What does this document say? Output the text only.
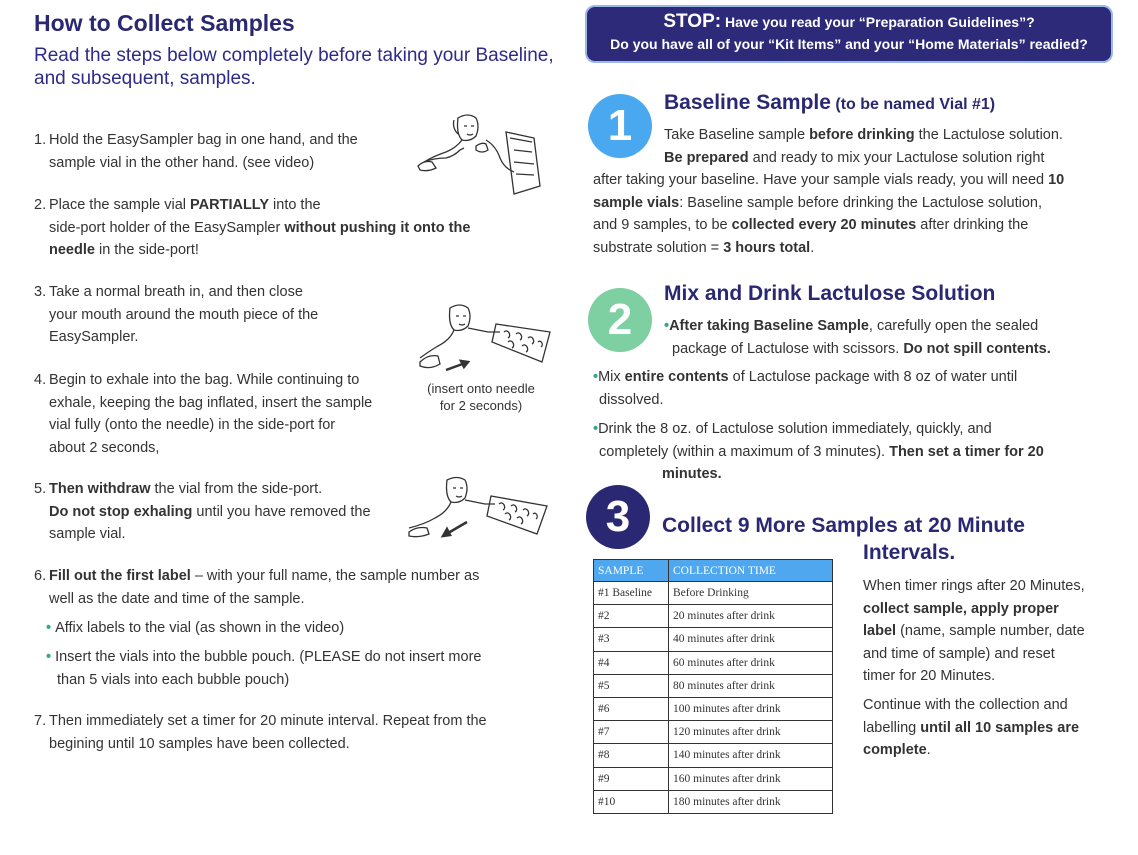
How to Collect Samples
Read the steps below completely before taking your Baseline, and subsequent, samples.
1. Hold the EasySampler bag in one hand, and the
sample vial in the other hand. (see video)
2. Place the sample vial PARTIALLY into the
side-port holder of the EasySampler without pushing it onto the
needle in the side-port!
3. Take a normal breath in, and then close
your mouth around the mouth piece of the
EasySampler.
4. Begin to exhale into the bag. While continuing to
exhale, keeping the bag inflated, insert the sample
vial fully (onto the needle) in the side-port for
about 2 seconds,
5. Then withdraw the vial from the side-port.
Do not stop exhaling until you have removed the
sample vial.
6. Fill out the first label – with your full name, the sample number as
well as the date and time of the sample.
• Affix labels to the vial (as shown in the video)
• Insert the vials into the bubble pouch. (PLEASE do not insert more
than 5 vials into each bubble pouch)
7. Then immediately set a timer for 20 minute interval. Repeat from the
begining until 10 samples have been collected.
(insert onto needle
for 2 seconds)
STOP: Have you read your “Preparation Guidelines”?
Do you have all of your “Kit Items” and your “Home Materials” readied?
1	Baseline Sample (to be named Vial #1)
Take Baseline sample before drinking the Lactulose solution.
Be prepared and ready to mix your Lactulose solution right
after taking your baseline. Have your sample vials ready, you will need 10
sample vials: Baseline sample before drinking the Lactulose solution,
and 9 samples, to be collected every 20 minutes after drinking the
substrate solution = 3 hours total.
2
Mix and Drink Lactulose Solution
•After taking Baseline Sample, carefully open the sealed
package of Lactulose with scissors. Do not spill contents.
•Mix entire contents of Lactulose package with 8 oz of water until
dissolved.
•Drink the 8 oz. of Lactulose solution immediately, quickly, and
completely (within a maximum of 3 minutes). Then set a timer for 20
minutes.
3	Collect 9 More Samples at 20 Minute
Intervals.
SAMPLE	COLLECTION TIME
#1 Baseline	Before Drinking
#2	20 minutes after drink
#3	40 minutes after drink
#4	60 minutes after drink
#5	80 minutes after drink
#6	100 minutes after drink
#7	120 minutes after drink
#8	140 minutes after drink
#9	160 minutes after drink
#10	180 minutes after drink
When timer rings after 20 Minutes,
collect sample, apply proper
label (name, sample number, date
and time of sample) and reset
timer for 20 Minutes.
Continue with the collection and
labelling until all 10 samples are
complete.
